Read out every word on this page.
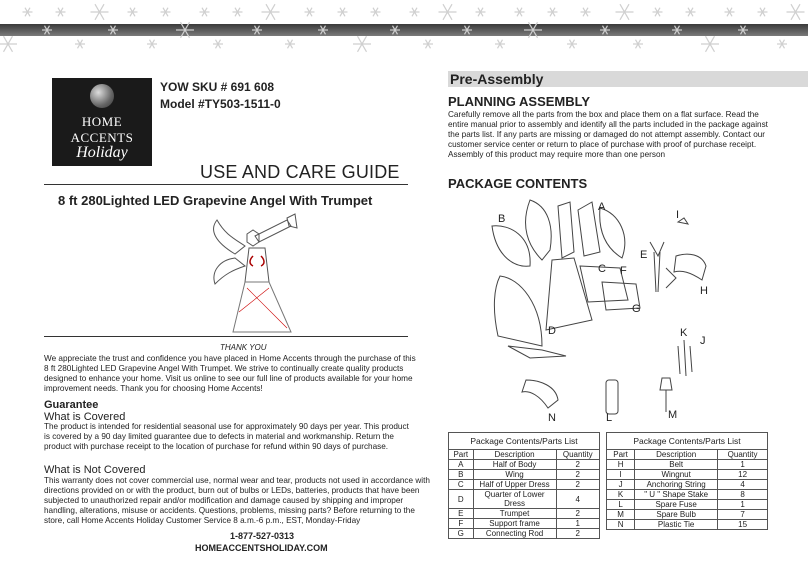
HOME
ACCENTS
Holiday
YOW SKU # 691 608
Model #TY503-1511-0
USE AND CARE GUIDE
8 ft 280Lighted LED Grapevine Angel With Trumpet
THANK YOU
We appreciate the trust and confidence you have placed in Home Accents through the purchase of this 8 ft 280Lighted LED Grapevine Angel With Trumpet. We strive to continually create quality products designed to enhance your home. Visit us online to see our full line of products available for your home improvement needs. Thank you for choosing Home Accents!
Guarantee
What is Covered
The product is intended for residential seasonal use for approximately 90 days per year. This product is covered by a 90 day limited guarantee due to defects in material and workmanship. Return the product with purchase receipt to the location of purchase for refund within 90 days of purchase.
What is Not Covered
This warranty does not cover commercial use, normal wear and tear, products not used in accordance with directions provided on or with the product, burn out of bulbs or LEDs, batteries, products that have been subjected to unauthorized repair and/or modification and damage caused by shipping and improper handling, alterations, misuse or accidents. Questions, problems, missing parts? Before returning to the store, call Home Accents Holiday Customer Service 8 a.m.-6 p.m., EST, Monday-Friday
1-877-527-0313
HOMEACCENTSHOLIDAY.COM
Pre-Assembly
PLANNING ASSEMBLY
Carefully remove all the parts from the box and place them on a flat surface. Read the entire manual prior to assembly and identify all the parts included in the package against the parts list. If any parts are missing or damaged do not attempt assembly. Contact our customer service center or return to place of purchase with proof of purchase receipt. Assembly of this product may require more than one person
PACKAGE CONTENTS
B
A
I
E
C F
H
G
D	K
J
N	L	M
Package Contents/Parts List
Part	Description	Quantity
A	Half of Body	2
B	Wing	2
C	Half of Upper Dress	2
D	Quarter of Lower Dress	4
E	Trumpet	2
F	Support frame	1
G	Connecting Rod	2
Package Contents/Parts List
Part	Description	Quantity
H	Belt	1
I	Wingnut	12
J	Anchoring String	4
K	" U " Shape Stake	8
L	Spare Fuse	1
M	Spare Bulb	7
N	Plastic Tie	15
